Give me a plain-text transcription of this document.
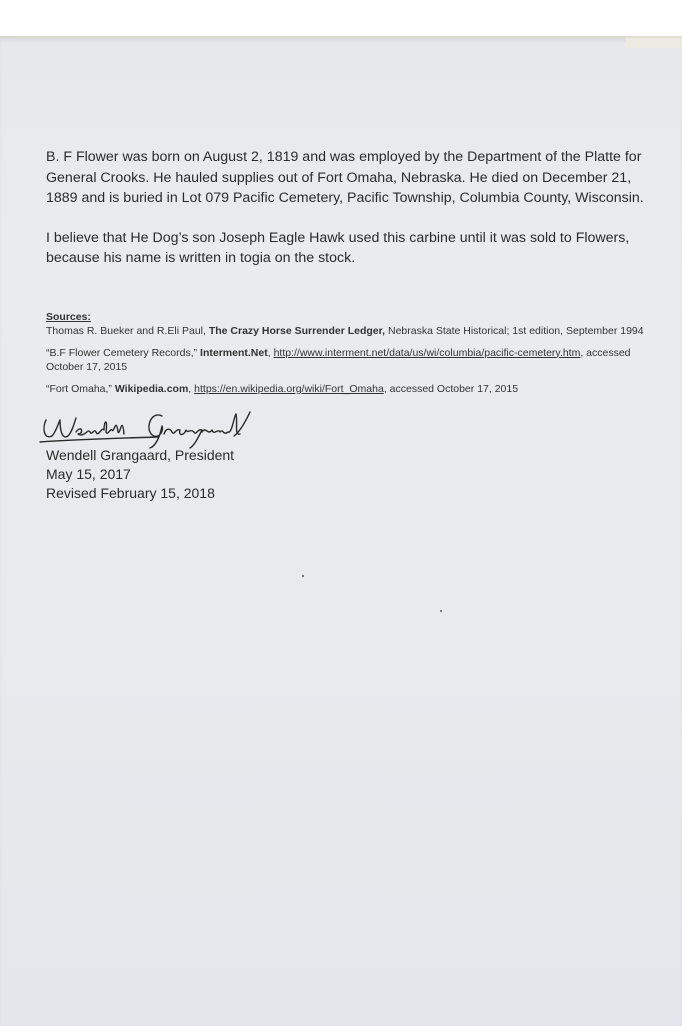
B. F Flower was born on August 2, 1819 and was employed by the Department of the Platte for General Crooks. He hauled supplies out of Fort Omaha, Nebraska. He died on December 21, 1889 and is buried in Lot 079 Pacific Cemetery, Pacific Township, Columbia County, Wisconsin.

I believe that He Dog’s son Joseph Eagle Hawk used this carbine until it was sold to Flowers, because his name is written in togia on the stock.

Sources:

Thomas R. Bueker and R.Eli Paul, The Crazy Horse Surrender Ledger, Nebraska State Historical; 1st edition, September 1994

“B.F Flower Cemetery Records,” Interment.Net, http://www.interment.net/data/us/wi/columbia/pacific-cemetery.htm, accessed October 17, 2015

“Fort Omaha,” Wikipedia.com, https://en.wikipedia.org/wiki/Fort_Omaha, accessed October 17, 2015

Wendell Grangaard, President
May 15, 2017
Revised February 15, 2018
